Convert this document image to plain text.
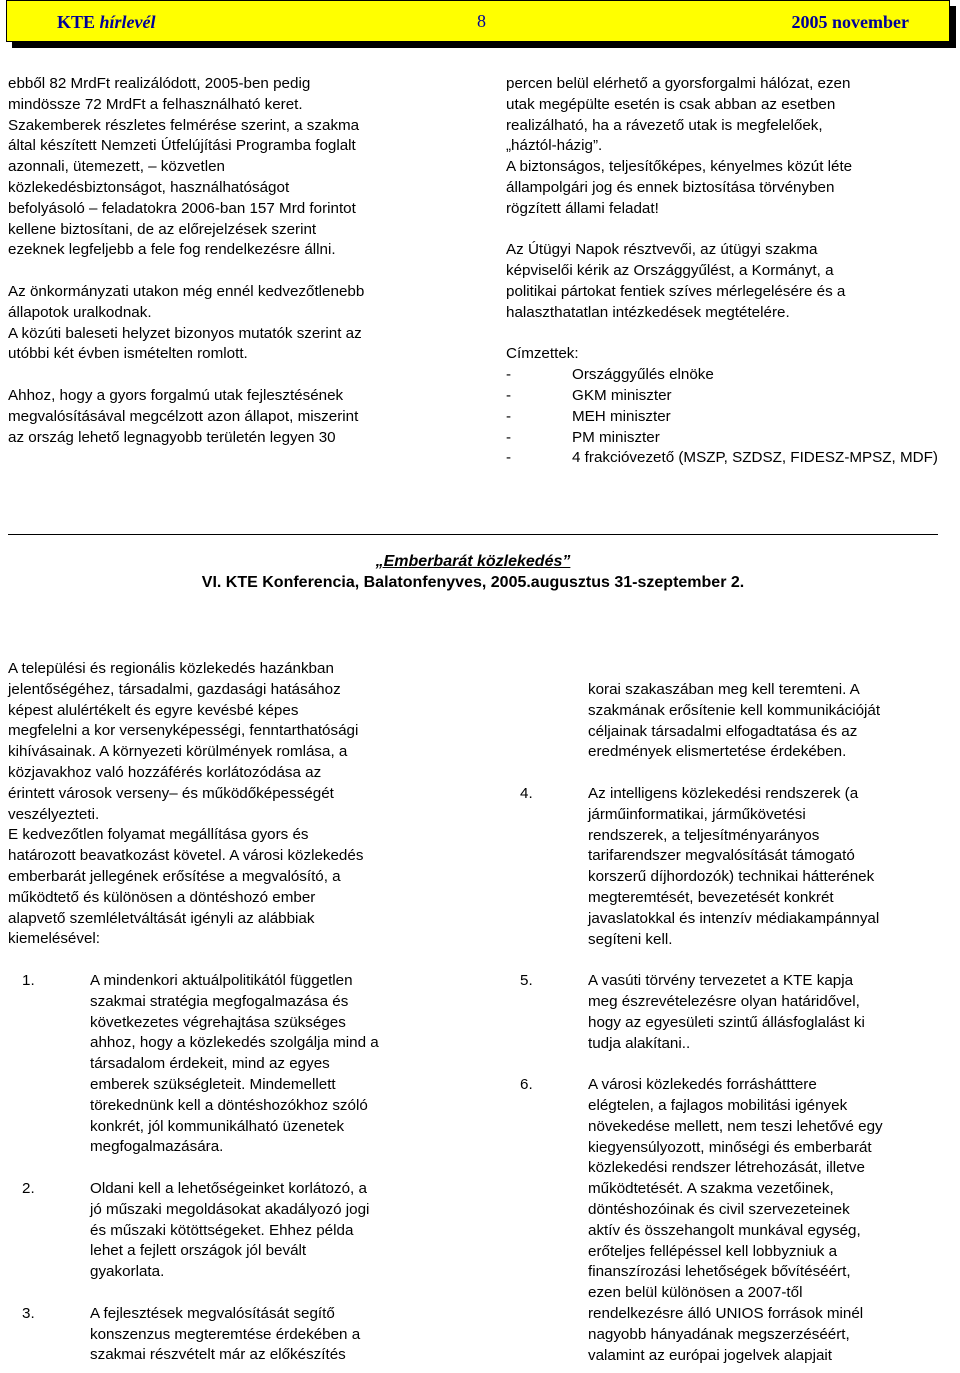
KTE hírlevél	8	2005 november

ebből 82 MrdFt realizálódott, 2005-ben pedig
mindössze 72 MrdFt a felhasználható keret.
Szakemberek részletes felmérése szerint, a szakma
által készített Nemzeti Útfelújítási Programba foglalt
azonnali, ütemezett, – közvetlen
közlekedésbiztonságot, használhatóságot
befolyásoló – feladatokra 2006-ban 157 Mrd forintot
kellene biztosítani, de az előrejelzések szerint
ezeknek legfeljebb a fele fog rendelkezésre állni.

Az önkormányzati utakon még ennél kedvezőtlenebb
állapotok uralkodnak.

A közúti baleseti helyzet bizonyos mutatók szerint az
utóbbi két évben ismételten romlott.

Ahhoz, hogy a gyors forgalmú utak fejlesztésének
megvalósításával megcélzott azon állapot, miszerint
az ország lehető legnagyobb területén legyen 30

percen belül elérhető a gyorsforgalmi hálózat, ezen
utak megépülte esetén is csak abban az esetben
realizálható, ha a rávezető utak is megfelelőek,
„háztól-házig”.

A biztonságos, teljesítőképes, kényelmes közút léte
állampolgári jog és ennek biztosítása törvényben
rögzített állami feladat!

Az Útügyi Napok résztvevői, az útügyi szakma
képviselői kérik az Országgyűlést, a Kormányt, a
politikai pártokat fentiek szíves mérlegelésére és a
halaszthatatlan intézkedések megtételére.

Címzettek:

-	Országgyűlés elnöke
-	GKM miniszter
-	MEH miniszter
-	PM miniszter
-	4 frakcióvezető (MSZP, SZDSZ, FIDESZ-MPSZ, MDF)
„Emberbarát közlekedés”
VI. KTE Konferencia, Balatonfenyves, 2005.augusztus 31-szeptember 2.

A települési és regionális közlekedés hazánkban
jelentőségéhez, társadalmi, gazdasági hatásához
képest alulértékelt és egyre kevésbé képes
megfelelni a kor versenyképességi, fenntarthatósági
kihívásainak. A környezeti körülmények romlása, a
közjavakhoz való hozzáférés korlátozódása az
érintett városok verseny– és működőképességét
veszélyezteti.

E kedvezőtlen folyamat megállítása gyors és
határozott beavatkozást követel. A városi közlekedés
emberbarát jellegének erősítése a megvalósító, a
működtető és különösen a döntéshozó ember
alapvető szemléletváltását igényli az alábbiak
kiemelésével:

1.	A mindenkori aktuálpolitikától független
szakmai stratégia megfogalmazása és
következetes végrehajtása szükséges
ahhoz, hogy a közlekedés szolgálja mind a
társadalom érdekeit, mind az egyes
emberek szükségleteit. Mindemellett
törekednünk kell a döntéshozókhoz szóló
konkrét, jól kommunikálható üzenetek
megfogalmazására.
2.	Oldani kell a lehetőségeinket korlátozó, a
jó műszaki megoldásokat akadályozó jogi
és műszaki kötöttségeket. Ehhez példa
lehet a fejlett országok jól bevált
gyakorlata.
3.	A fejlesztések megvalósítását segítő
konszenzus megteremtése érdekében a
szakmai részvételt már az előkészítés
korai szakaszában meg kell teremteni. A
szakmának erősítenie kell kommunikációját
céljainak társadalmi elfogadtatása és az
eredmények elismertetése érdekében.
4.	Az intelligens közlekedési rendszerek (a
járműinformatikai, járműkövetési
rendszerek, a teljesítményarányos
tarifarendszer megvalósítását támogató
korszerű díjhordozók) technikai hátterének
megteremtését, bevezetését konkrét
javaslatokkal és intenzív médiakampánnyal
segíteni kell.
5.	A vasúti törvény tervezetet a KTE kapja
meg észrevételezésre olyan határidővel,
hogy az egyesületi szintű állásfoglalást ki
tudja alakítani..
6.	A városi közlekedés forráshátttere
elégtelen, a fajlagos mobilitási igények
növekedése mellett, nem teszi lehetővé egy
kiegyensúlyozott, minőségi és emberbarát
közlekedési rendszer létrehozását, illetve
működtetését. A szakma vezetőinek,
döntéshozóinak és civil szervezeteinek
aktív és összehangolt munkával egység,
erőteljes fellépéssel kell lobbyzniuk a
finanszírozási lehetőségek bővítéséért,
ezen belül különösen a 2007-től
rendelkezésre álló UNIOS források minél
nagyobb hányadának megszerzéséért,
valamint az európai jogelvek alapjait
